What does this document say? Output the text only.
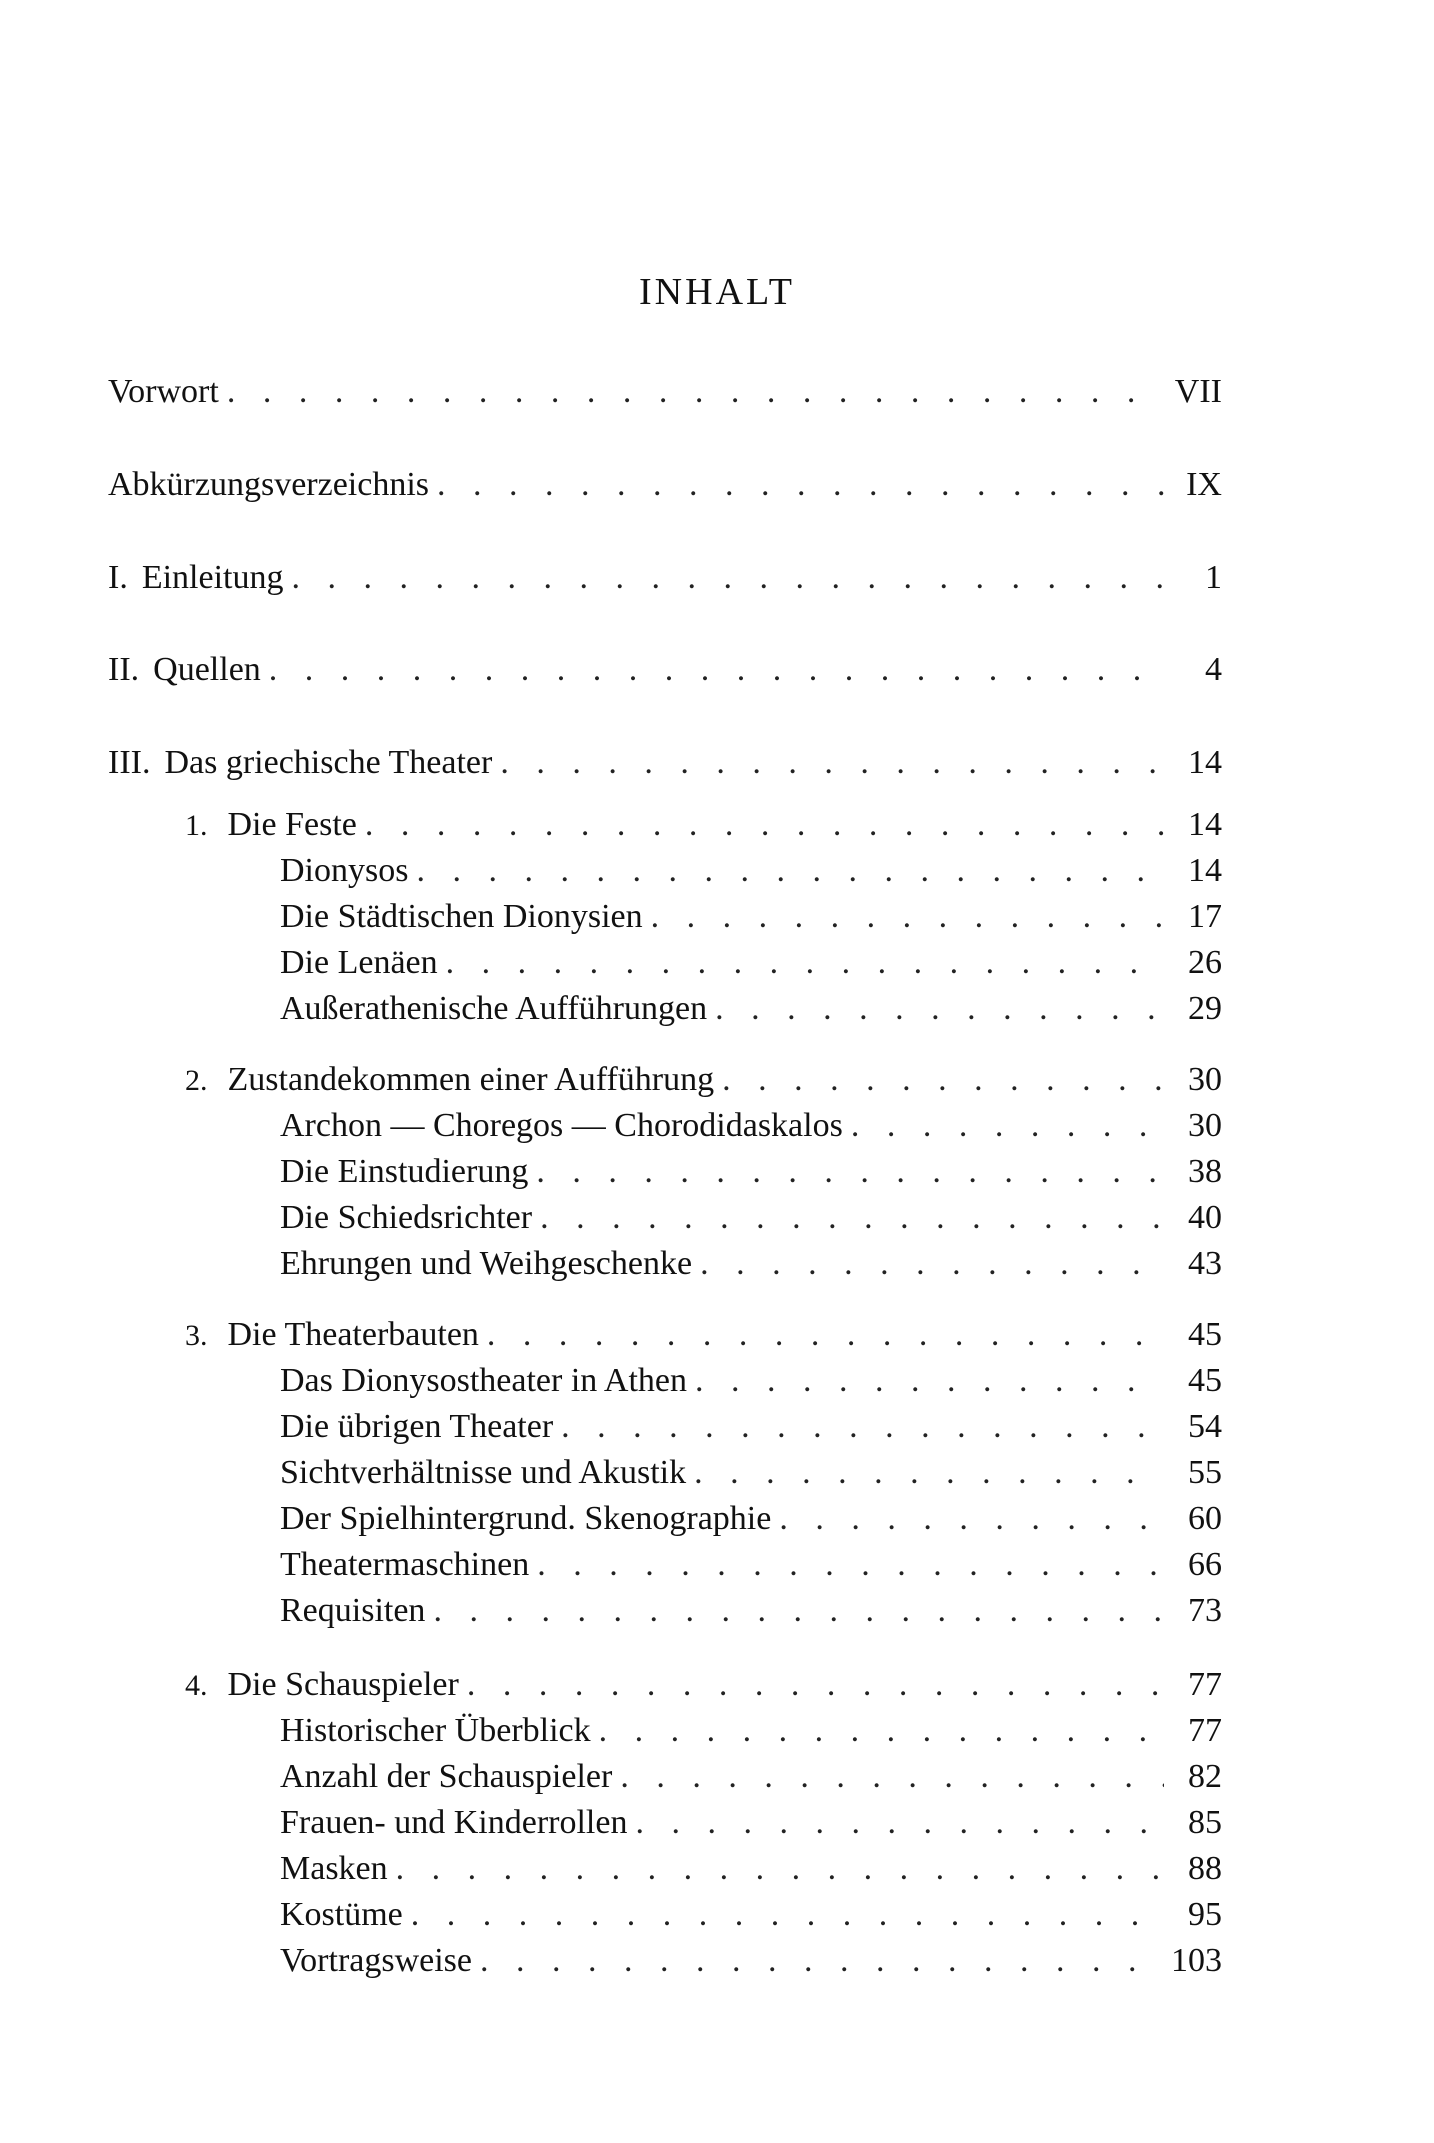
INHALT
Vorwort . . .	VII
Abkürzungsverzeichnis . . .	IX
I. Einleitung . . .	1
II. Quellen . . .	4
III. Das griechische Theater . . .	14
1. Die Feste . . .	14
Dionysos . . .	14
Die Städtischen Dionysien . . .	17
Die Lenäen . . .	26
Außerathenische Aufführungen . . .	29
2. Zustandekommen einer Aufführung . . .	30
Archon — Choregos — Chorodidaskalos . . .	30
Die Einstudierung . . .	38
Die Schiedsrichter . . .	40
Ehrungen und Weihgeschenke . . .	43
3. Die Theaterbauten . . .	45
Das Dionysostheater in Athen . . .	45
Die übrigen Theater . . .	54
Sichtverhältnisse und Akustik . . .	55
Der Spielhintergrund. Skenographie . . .	60
Theatermaschinen . . .	66
Requisiten . . .	73
4. Die Schauspieler . . .	77
Historischer Überblick . . .	77
Anzahl der Schauspieler . . .	82
Frauen- und Kinderrollen . . .	85
Masken . . .	88
Kostüme . . .	95
Vortragsweise . . .	103
